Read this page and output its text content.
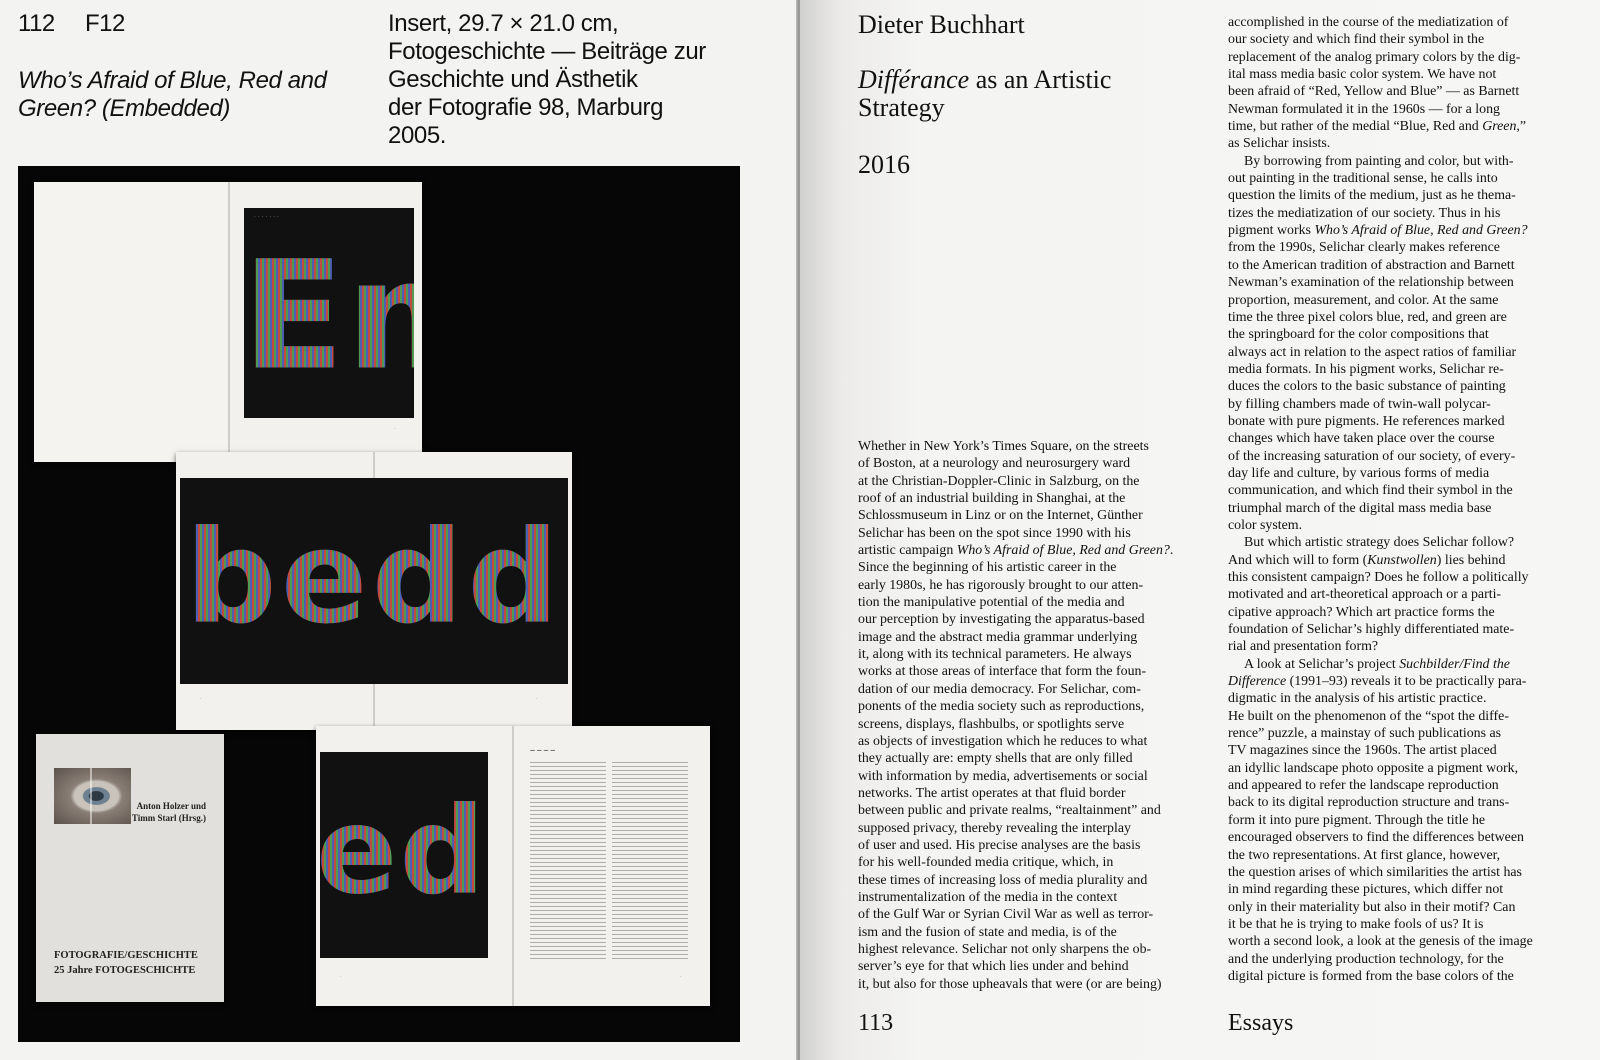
112 F12
Who’s Afraid of Blue, Red and Green? (Embedded)
Insert, 29.7 × 21.0 cm,
Fotogeschichte — Beiträge zur
Geschichte und Ästhetik
der Fotografie 98, Marburg
2005.
· · · · · · ·
Em
·
bedd
·	·
Anton Holzer und
Timm Starl (Hrsg.)
FOTOGRAFIE/GESCHICHTE
25 Jahre FOTOGESCHICHTE
ed
— — — —
·	·
Dieter Buchhart
Différance as an Artistic
Strategy
2016
Whether in New York’s Times Square, on the streets
of Boston, at a neurology and neurosurgery ward
at the Christian-Doppler-Clinic in Salzburg, on the
roof of an industrial building in Shanghai, at the
Schlossmuseum in Linz or on the Internet, Günther
Selichar has been on the spot since 1990 with his
artistic campaign Who’s Afraid of Blue, Red and Green?.
Since the beginning of his artistic career in the
early 1980s, he has rigorously brought to our atten-
tion the manipulative potential of the media and
our perception by investigating the apparatus-based
image and the abstract media grammar underlying
it, along with its technical parameters. He always
works at those areas of interface that form the foun-
dation of our media democracy. For Selichar, com-
ponents of the media society such as reproductions,
screens, displays, flashbulbs, or spotlights serve
as objects of investigation which he reduces to what
they actually are: empty shells that are only filled
with information by media, advertisements or social
networks. The artist operates at that fluid border
between public and private realms, “realtainment” and
supposed privacy, thereby revealing the interplay
of user and used. His precise analyses are the basis
for his well-founded media critique, which, in
these times of increasing loss of media plurality and
instrumentalization of the media in the context
of the Gulf War or Syrian Civil War as well as terror-
ism and the fusion of state and media, is of the
highest relevance. Selichar not only sharpens the ob-
server’s eye for that which lies under and behind
it, but also for those upheavals that were (or are being)
accomplished in the course of the mediatization of
our society and which find their symbol in the
replacement of the analog primary colors by the dig-
ital mass media basic color system. We have not
been afraid of “Red, Yellow and Blue” — as Barnett
Newman formulated it in the 1960s — for a long
time, but rather of the medial “Blue, Red and Green,”
as Selichar insists.
By borrowing from painting and color, but with-
out painting in the traditional sense, he calls into
question the limits of the medium, just as he thema-
tizes the mediatization of our society. Thus in his
pigment works Who’s Afraid of Blue, Red and Green?
from the 1990s, Selichar clearly makes reference
to the American tradition of abstraction and Barnett
Newman’s examination of the relationship between
proportion, measurement, and color. At the same
time the three pixel colors blue, red, and green are
the springboard for the color compositions that
always act in relation to the aspect ratios of familiar
media formats. In his pigment works, Selichar re-
duces the colors to the basic substance of painting
by filling chambers made of twin-wall polycar-
bonate with pure pigments. He references marked
changes which have taken place over the course
of the increasing saturation of our society, of every-
day life and culture, by various forms of media
communication, and which find their symbol in the
triumphal march of the digital mass media base
color system.
But which artistic strategy does Selichar follow?
And which will to form (Kunstwollen) lies behind
this consistent campaign? Does he follow a politically
motivated and art-theoretical approach or a parti-
cipative approach? Which art practice forms the
foundation of Selichar’s highly differentiated mate-
rial and presentation form?
A look at Selichar’s project Suchbilder/Find the
Difference (1991–93) reveals it to be practically para-
digmatic in the analysis of his artistic practice.
He built on the phenomenon of the “spot the diffe-
rence” puzzle, a mainstay of such publications as
TV magazines since the 1960s. The artist placed
an idyllic landscape photo opposite a pigment work,
and appeared to refer the landscape reproduction
back to its digital reproduction structure and trans-
form it into pure pigment. Through the title he
encouraged observers to find the differences between
the two representations. At first glance, however,
the question arises of which similarities the artist has
in mind regarding these pictures, which differ not
only in their materiality but also in their motif? Can
it be that he is trying to make fools of us? It is
worth a second look, a look at the genesis of the image
and the underlying production technology, for the
digital picture is formed from the base colors of the
113	Essays
